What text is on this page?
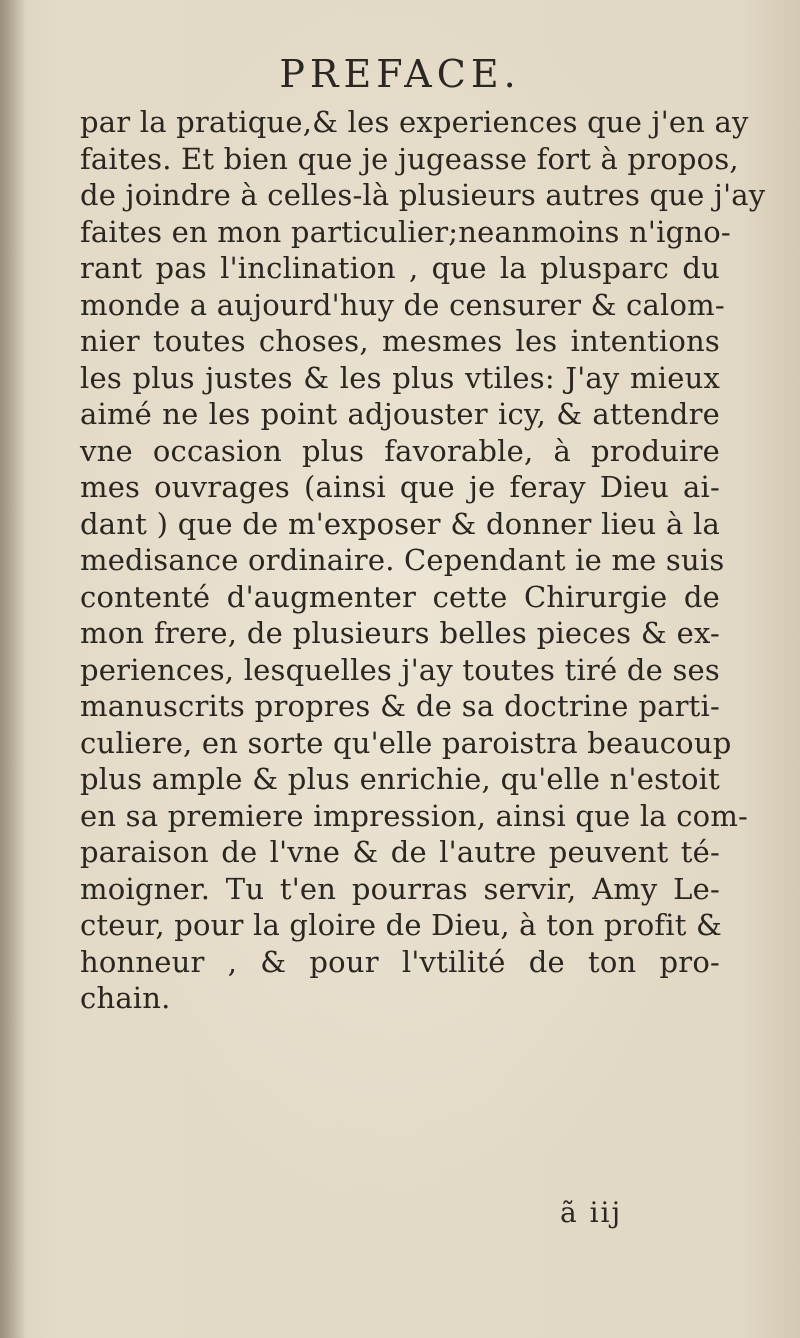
PREFACE.
par la pratique,& les experiences que j'en ay
faites. Et bien que je jugeasse fort à propos,
de joindre à celles-là plusieurs autres que j'ay
faites en mon particulier;neanmoins n'igno-
rant pas l'inclination , que la plusparc du
monde a aujourd'huy de censurer & calom-
nier toutes choses, mesmes les intentions
les plus justes & les plus vtiles: J'ay mieux
aimé ne les point adjouster icy, & attendre
vne occasion plus favorable, à produire
mes ouvrages (ainsi que je feray Dieu ai-
dant ) que de m'exposer & donner lieu à la
medisance ordinaire. Cependant ie me suis
contenté d'augmenter cette Chirurgie de
mon frere, de plusieurs belles pieces & ex-
periences, lesquelles j'ay toutes tiré de ses
manuscrits propres & de sa doctrine parti-
culiere, en sorte qu'elle paroistra beaucoup
plus ample & plus enrichie, qu'elle n'estoit
en sa premiere impression, ainsi que la com-
paraison de l'vne & de l'autre peuvent té-
moigner. Tu t'en pourras servir, Amy Le-
cteur, pour la gloire de Dieu, à ton profit &
honneur , & pour l'vtilité de ton pro-
chain.
ã iij
